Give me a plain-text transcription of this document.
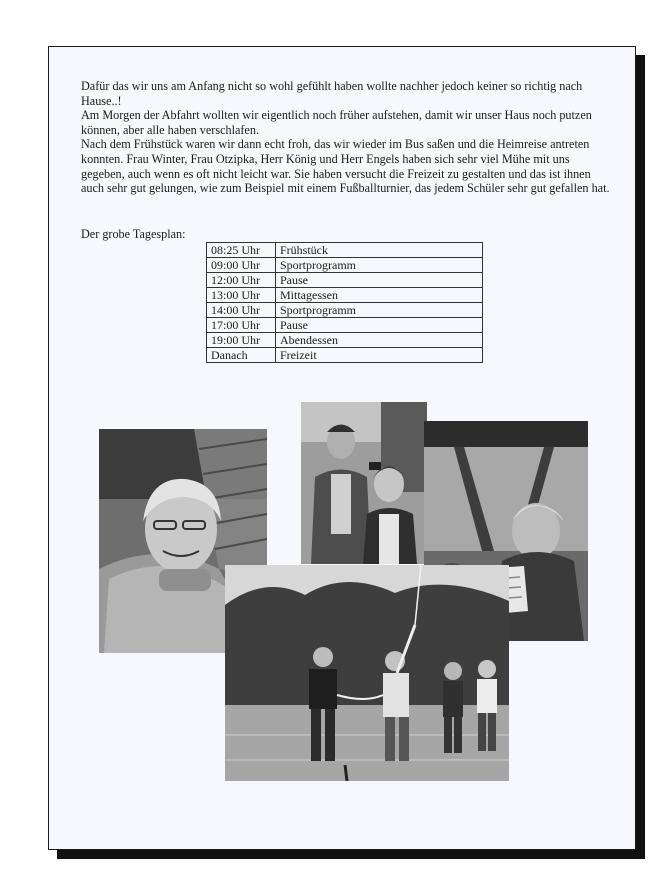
Dafür das wir uns am Anfang nicht so wohl gefühlt haben wollte nachher jedoch keiner so richtig nach Hause..!

Am Morgen der Abfahrt wollten wir eigentlich noch früher aufstehen, damit wir unser Haus noch putzen können, aber alle haben verschlafen.

Nach dem Frühstück waren wir dann echt froh, das wir wieder im Bus saßen und die Heimreise antreten konnten. Frau Winter, Frau Otzipka, Herr König und Herr Engels haben sich sehr viel Mühe mit uns gegeben, auch wenn es oft nicht leicht war. Sie haben versucht die Freizeit zu gestalten und das ist ihnen auch sehr gut gelungen, wie zum Beispiel mit einem Fußballturnier, das jedem Schüler sehr gut gefallen hat.

Der grobe Tagesplan:
08:25 Uhr	Frühstück
09:00 Uhr	Sportprogramm
12:00 Uhr	Pause
13:00 Uhr	Mittagessen
14:00 Uhr	Sportprogramm
17:00 Uhr	Pause
19:00 Uhr	Abendessen
Danach	Freizeit
